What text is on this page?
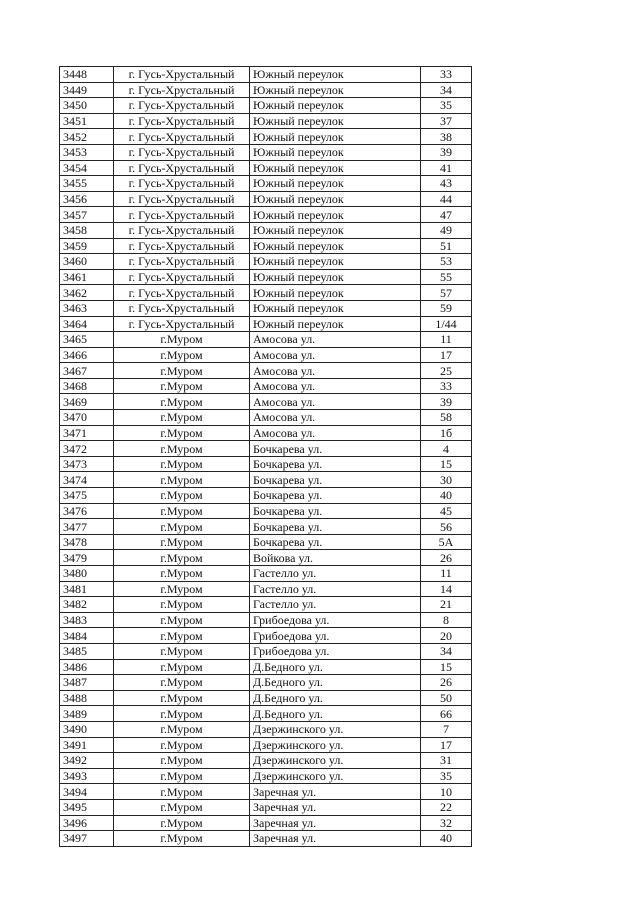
3448	г. Гусь-Хрустальный	Южный переулок	33
3449	г. Гусь-Хрустальный	Южный переулок	34
3450	г. Гусь-Хрустальный	Южный переулок	35
3451	г. Гусь-Хрустальный	Южный переулок	37
3452	г. Гусь-Хрустальный	Южный переулок	38
3453	г. Гусь-Хрустальный	Южный переулок	39
3454	г. Гусь-Хрустальный	Южный переулок	41
3455	г. Гусь-Хрустальный	Южный переулок	43
3456	г. Гусь-Хрустальный	Южный переулок	44
3457	г. Гусь-Хрустальный	Южный переулок	47
3458	г. Гусь-Хрустальный	Южный переулок	49
3459	г. Гусь-Хрустальный	Южный переулок	51
3460	г. Гусь-Хрустальный	Южный переулок	53
3461	г. Гусь-Хрустальный	Южный переулок	55
3462	г. Гусь-Хрустальный	Южный переулок	57
3463	г. Гусь-Хрустальный	Южный переулок	59
3464	г. Гусь-Хрустальный	Южный переулок	1/44
3465	г.Муром	Амосова ул.	11
3466	г.Муром	Амосова ул.	17
3467	г.Муром	Амосова ул.	25
3468	г.Муром	Амосова ул.	33
3469	г.Муром	Амосова ул.	39
3470	г.Муром	Амосова ул.	58
3471	г.Муром	Амосова ул.	1б
3472	г.Муром	Бочкарева ул.	4
3473	г.Муром	Бочкарева ул.	15
3474	г.Муром	Бочкарева ул.	30
3475	г.Муром	Бочкарева ул.	40
3476	г.Муром	Бочкарева ул.	45
3477	г.Муром	Бочкарева ул.	56
3478	г.Муром	Бочкарева ул.	5А
3479	г.Муром	Войкова ул.	26
3480	г.Муром	Гастелло ул.	11
3481	г.Муром	Гастелло ул.	14
3482	г.Муром	Гастелло ул.	21
3483	г.Муром	Грибоедова ул.	8
3484	г.Муром	Грибоедова ул.	20
3485	г.Муром	Грибоедова ул.	34
3486	г.Муром	Д.Бедного ул.	15
3487	г.Муром	Д.Бедного ул.	26
3488	г.Муром	Д.Бедного ул.	50
3489	г.Муром	Д.Бедного ул.	66
3490	г.Муром	Дзержинского ул.	7
3491	г.Муром	Дзержинского ул.	17
3492	г.Муром	Дзержинского ул.	31
3493	г.Муром	Дзержинского ул.	35
3494	г.Муром	Заречная ул.	10
3495	г.Муром	Заречная ул.	22
3496	г.Муром	Заречная ул.	32
3497	г.Муром	Заречная ул.	40
